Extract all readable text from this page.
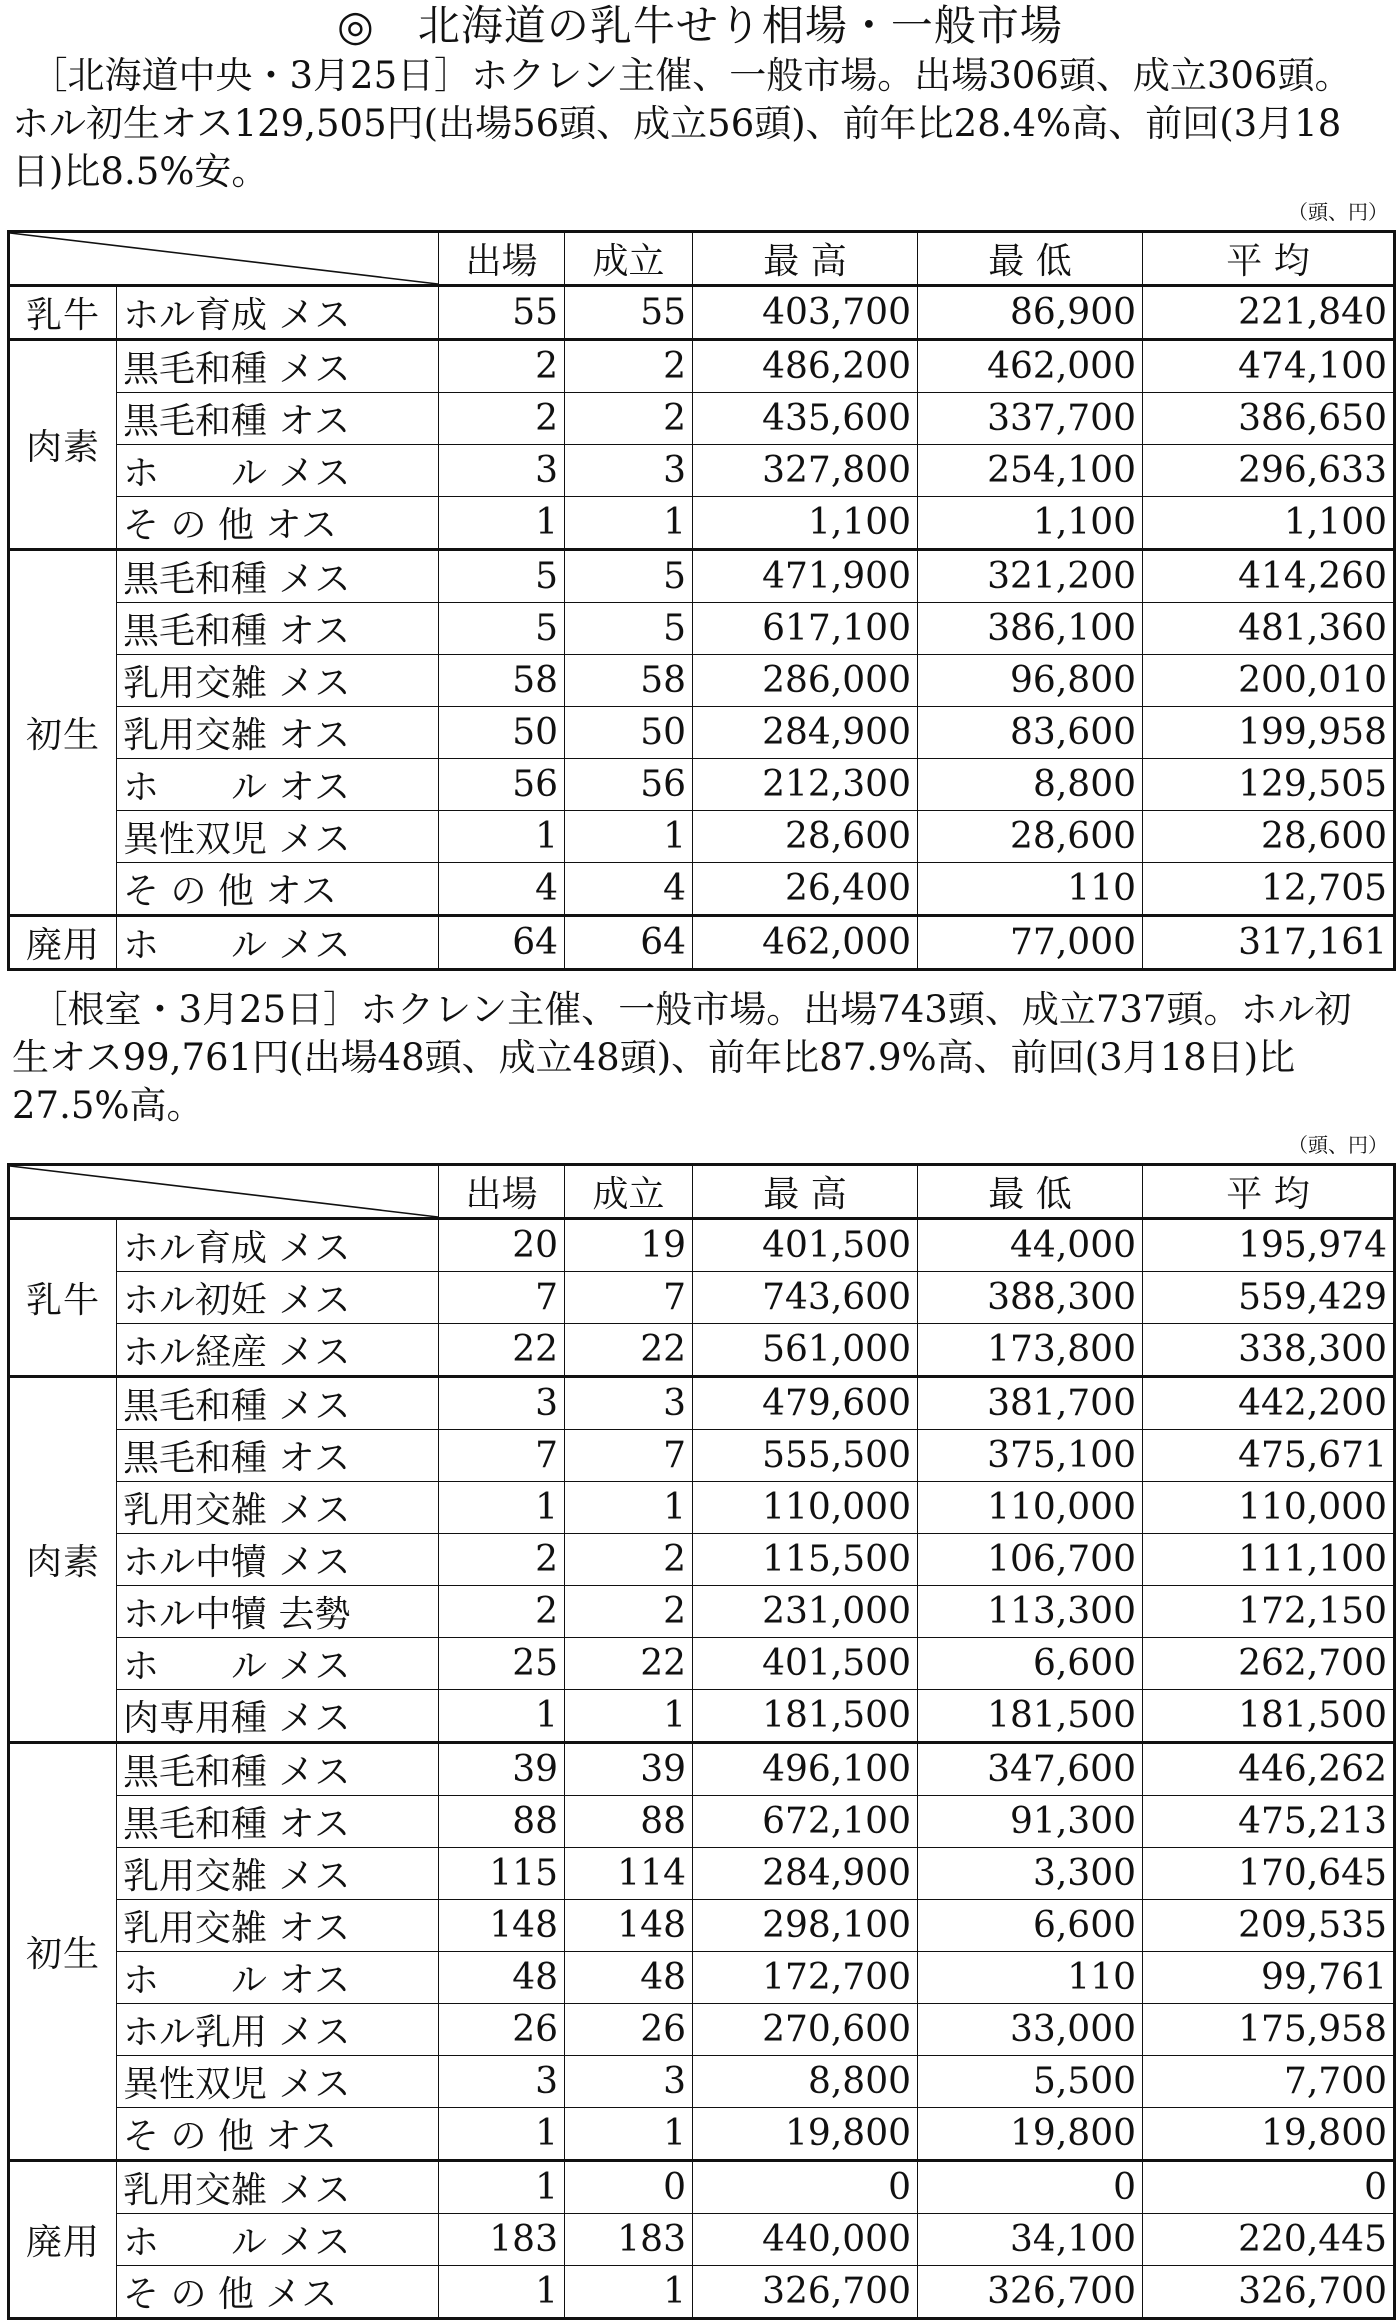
◎　北海道の乳牛せり相場・一般市場
　［北海道中央・3月25日］ホクレン主催、一般市場。出場306頭、成立306頭。ホル初生オス129,505円(出場56頭、成立56頭)、前年比28.4%高、前回(3月18日)比8.5%安。
（頭、円）
	出場	成立	最 高	最 低	平 均
乳牛	ホル育成 メス	55	55	403,700	86,900	221,840
肉素	黒毛和種 メス	2	2	486,200	462,000	474,100
	黒毛和種 オス	2	2	435,600	337,700	386,650
	ホ　　ル メス	3	3	327,800	254,100	296,633
	そ の 他 オス	1	1	1,100	1,100	1,100
初生	黒毛和種 メス	5	5	471,900	321,200	414,260
	黒毛和種 オス	5	5	617,100	386,100	481,360
	乳用交雑 メス	58	58	286,000	96,800	200,010
	乳用交雑 オス	50	50	284,900	83,600	199,958
	ホ　　ル オス	56	56	212,300	8,800	129,505
	異性双児 メス	1	1	28,600	28,600	28,600
	そ の 他 オス	4	4	26,400	110	12,705
廃用	ホ　　ル メス	64	64	462,000	77,000	317,161
　［根室・3月25日］ホクレン主催、一般市場。出場743頭、成立737頭。ホル初生オス99,761円(出場48頭、成立48頭)、前年比87.9%高、前回(3月18日)比27.5%高。
（頭、円）
	出場	成立	最 高	最 低	平 均
乳牛	ホル育成 メス	20	19	401,500	44,000	195,974
	ホル初妊 メス	7	7	743,600	388,300	559,429
	ホル経産 メス	22	22	561,000	173,800	338,300
肉素	黒毛和種 メス	3	3	479,600	381,700	442,200
	黒毛和種 オス	7	7	555,500	375,100	475,671
	乳用交雑 メス	1	1	110,000	110,000	110,000
	ホル中犢 メス	2	2	115,500	106,700	111,100
	ホル中犢 去勢	2	2	231,000	113,300	172,150
	ホ　　ル メス	25	22	401,500	6,600	262,700
	肉専用種 メス	1	1	181,500	181,500	181,500
初生	黒毛和種 メス	39	39	496,100	347,600	446,262
	黒毛和種 オス	88	88	672,100	91,300	475,213
	乳用交雑 メス	115	114	284,900	3,300	170,645
	乳用交雑 オス	148	148	298,100	6,600	209,535
	ホ　　ル オス	48	48	172,700	110	99,761
	ホル乳用 メス	26	26	270,600	33,000	175,958
	異性双児 メス	3	3	8,800	5,500	7,700
	そ の 他 オス	1	1	19,800	19,800	19,800
廃用	乳用交雑 メス	1	0	0	0	0
	ホ　　ル メス	183	183	440,000	34,100	220,445
	そ の 他 メス	1	1	326,700	326,700	326,700
